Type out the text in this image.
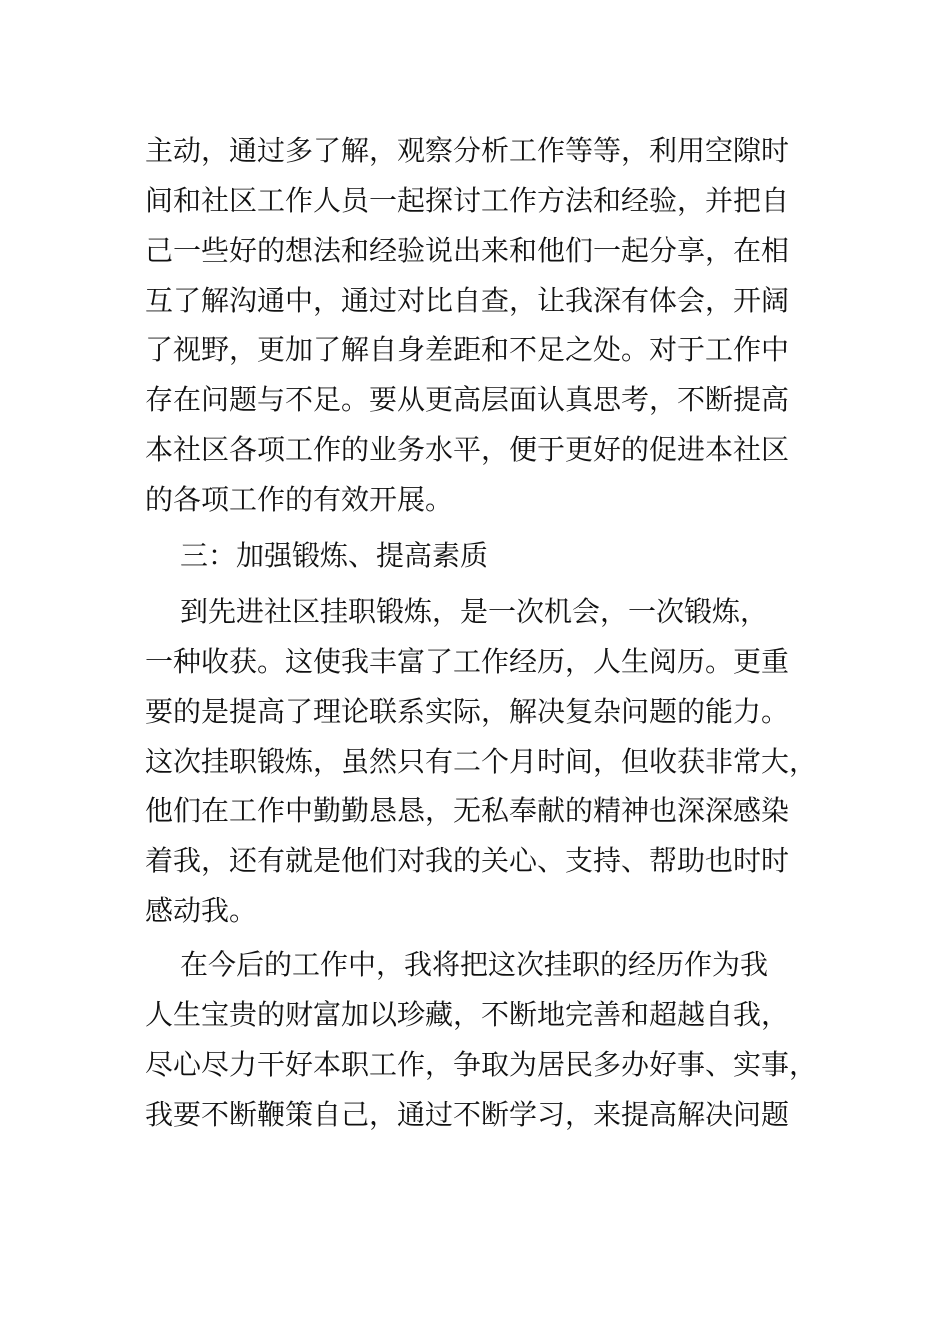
主动，通过多了解，观察分析工作等等，利用空隙时
间和社区工作人员一起探讨工作方法和经验，并把自
己一些好的想法和经验说出来和他们一起分享，在相
互了解沟通中，通过对比自查，让我深有体会，开阔
了视野，更加了解自身差距和不足之处。对于工作中
存在问题与不足。要从更高层面认真思考，不断提高
本社区各项工作的业务水平，便于更好的促进本社区
的各项工作的有效开展。
三：加强锻炼、提高素质
到先进社区挂职锻炼，是一次机会，一次锻炼，
一种收获。这使我丰富了工作经历，人生阅历。更重
要的是提高了理论联系实际，解决复杂问题的能力。
这次挂职锻炼，虽然只有二个月时间，但收获非常大，
他们在工作中勤勤恳恳，无私奉献的精神也深深感染
着我，还有就是他们对我的关心、支持、帮助也时时
感动我。
在今后的工作中，我将把这次挂职的经历作为我
人生宝贵的财富加以珍藏，不断地完善和超越自我，
尽心尽力干好本职工作，争取为居民多办好事、实事，
我要不断鞭策自己，通过不断学习，来提高解决问题
